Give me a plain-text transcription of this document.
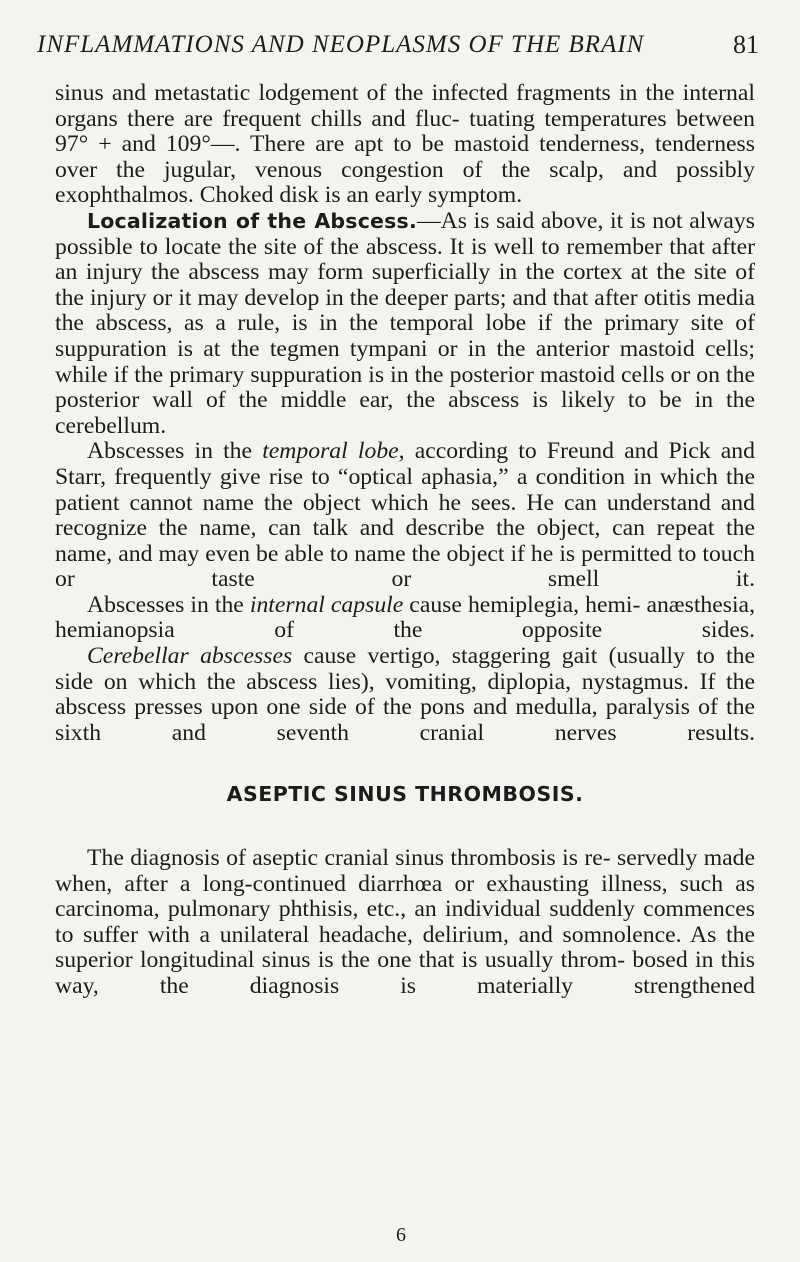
INFLAMMATIONS AND NEOPLASMS OF THE BRAIN	81

sinus and metastatic lodgement of the infected fragments in the internal organs there are frequent chills and fluc- tuating temperatures between 97° + and 109°—. There are apt to be mastoid tenderness, tenderness over the jugular, venous congestion of the scalp, and possibly exophthalmos. Choked disk is an early symptom.

Localization of the Abscess.—As is said above, it is not always possible to locate the site of the abscess. It is well to remember that after an injury the abscess may form superficially in the cortex at the site of the injury or it may develop in the deeper parts; and that after otitis media the abscess, as a rule, is in the temporal lobe if the primary site of suppuration is at the tegmen tympani or in the anterior mastoid cells; while if the primary suppuration is in the posterior mastoid cells or on the posterior wall of the middle ear, the abscess is likely to be in the cerebellum.

Abscesses in the temporal lobe, according to Freund and Pick and Starr, frequently give rise to “optical aphasia,” a condition in which the patient cannot name the object which he sees. He can understand and recognize the name, can talk and describe the object, can repeat the name, and may even be able to name the object if he is permitted to touch or taste or smell it.

Abscesses in the internal capsule cause hemiplegia, hemi- anæsthesia, hemianopsia of the opposite sides.

Cerebellar abscesses cause vertigo, staggering gait (usually to the side on which the abscess lies), vomiting, diplopia, nystagmus. If the abscess presses upon one side of the pons and medulla, paralysis of the sixth and seventh cranial nerves results.

ASEPTIC SINUS THROMBOSIS.

The diagnosis of aseptic cranial sinus thrombosis is re- servedly made when, after a long-continued diarrhœa or exhausting illness, such as carcinoma, pulmonary phthisis, etc., an individual suddenly commences to suffer with a unilateral headache, delirium, and somnolence. As the superior longitudinal sinus is the one that is usually throm- bosed in this way, the diagnosis is materially strengthened

6
